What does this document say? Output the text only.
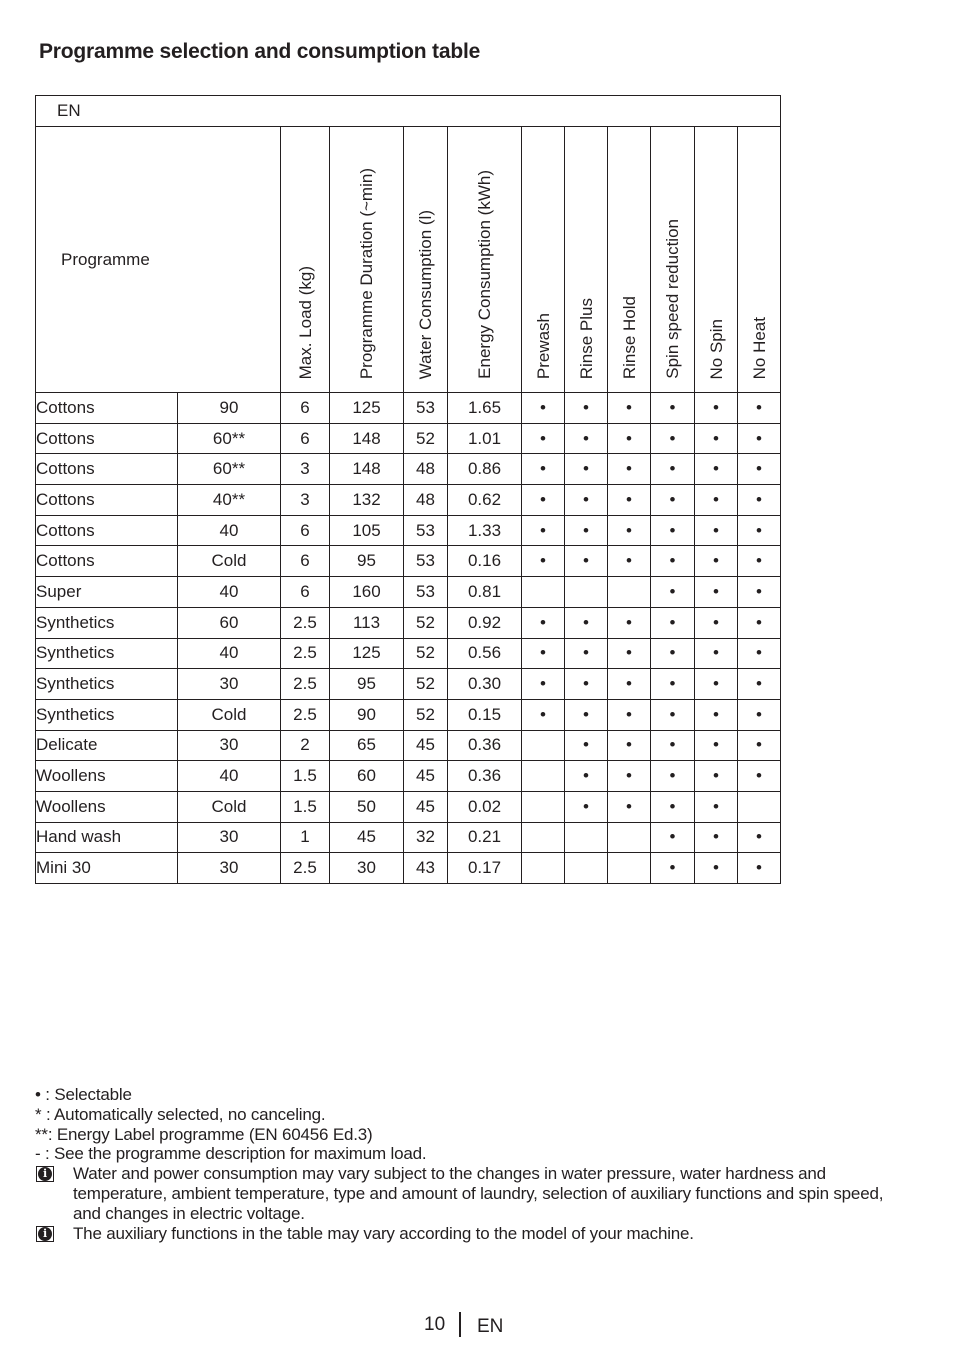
Programme selection and consumption table
EN											
Programme		Max. Load (kg)	Programme Duration (~min)	Water Consumption (l)	Energy Consumption (kWh)	Prewash	Rinse Plus	Rinse Hold	Spin speed reduction	No Spin	No Heat
Cottons	90	6	125	53	1.65	•	•	•	•	•	•
Cottons	60**	6	148	52	1.01	•	•	•	•	•	•
Cottons	60**	3	148	48	0.86	•	•	•	•	•	•
Cottons	40**	3	132	48	0.62	•	•	•	•	•	•
Cottons	40	6	105	53	1.33	•	•	•	•	•	•
Cottons	Cold	6	95	53	0.16	•	•	•	•	•	•
Super	40	6	160	53	0.81				•	•	•
Synthetics	60	2.5	113	52	0.92	•	•	•	•	•	•
Synthetics	40	2.5	125	52	0.56	•	•	•	•	•	•
Synthetics	30	2.5	95	52	0.30	•	•	•	•	•	•
Synthetics	Cold	2.5	90	52	0.15	•	•	•	•	•	•
Delicate	30	2	65	45	0.36		•	•	•	•	•
Woollens	40	1.5	60	45	0.36		•	•	•	•	•
Woollens	Cold	1.5	50	45	0.02		•	•	•	•	
Hand wash	30	1	45	32	0.21				•	•	•
Mini 30	30	2.5	30	43	0.17				•	•	•
• : Selectable
* : Automatically selected, no canceling.
**: Energy Label programme (EN 60456 Ed.3)
- : See the programme description for maximum load.
i Water and power consumption may vary subject to the changes in water pressure, water hardness and temperature, ambient temperature, type and amount of laundry, selection of auxiliary functions and spin speed, and changes in electric voltage.
i The auxiliary functions in the table may vary according to the model of your machine.
10 EN
